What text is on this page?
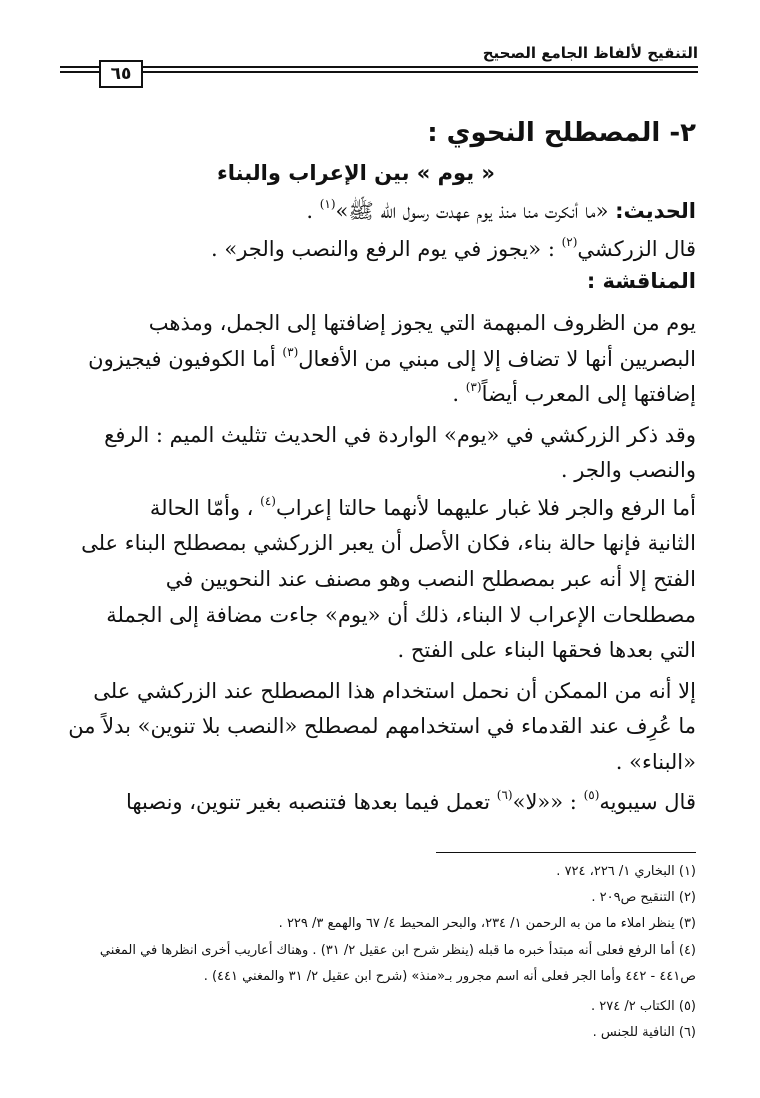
التنقيح لألفاظ الجامع الصحيح
٦٥
٢- المصطلح النحوي :
« يوم » بين الإعراب والبناء
الحديث: «ما أنكرت منا منذ يوم عهدت رسول الله ﷺ»$^{(١)}$ .
قال الزركشي$^{(٢)}$ : «يجوز في يوم الرفع والنصب والجر» .
المناقشة :
يوم من الظروف المبهمة التي يجوز إضافتها إلى الجمل، ومذهب
البصريين أنها لا تضاف إلا إلى مبني من الأفعال$^{(٣)}$ أما الكوفيون فيجيزون
إضافتها إلى المعرب أيضاً$^{(٣)}$ .
وقد ذكر الزركشي في «يوم» الواردة في الحديث تثليث الميم : الرفع
والنصب والجر .
أما الرفع والجر فلا غبار عليهما لأنهما حالتا إعراب$^{(٤)}$ ، وأمّا الحالة
الثانية فإنها حالة بناء، فكان الأصل أن يعبر الزركشي بمصطلح البناء على
الفتح إلا أنه عبر بمصطلح النصب وهو مصنف عند النحويين في
مصطلحات الإعراب لا البناء، ذلك أن «يوم» جاءت مضافة إلى الجملة
التي بعدها فحقها البناء على الفتح .
إلا أنه من الممكن أن نحمل استخدام هذا المصطلح عند الزركشي على
ما عُرِف عند القدماء في استخدامهم لمصطلح «النصب بلا تنوين» بدلاً من
«البناء» .
قال سيبويه$^{(٥)}$ : ««لا»$^{(٦)}$ تعمل فيما بعدها فتنصبه بغير تنوين، ونصبها
(١) البخاري ١/ ٢٢٦، ٧٢٤ .
(٢) التنقيح ص٢٠٩ .
(٣) ينظر املاء ما من به الرحمن ١/ ٢٣٤، والبحر المحيط ٤/ ٦٧ والهمع ٣/ ٢٢٩ .
(٤) أما الرفع فعلى أنه مبتدأ خبره ما قبله (ينظر شرح ابن عقيل ٢/ ٣١) . وهناك أعاريب أخرى انظرها في المغني
ص٤٤١ - ٤٤٢ وأما الجر فعلى أنه اسم مجرور بـ«منذ» (شرح ابن عقيل ٢/ ٣١ والمغني ٤٤١) .
(٥) الكتاب ٢/ ٢٧٤ .
(٦) النافية للجنس .
